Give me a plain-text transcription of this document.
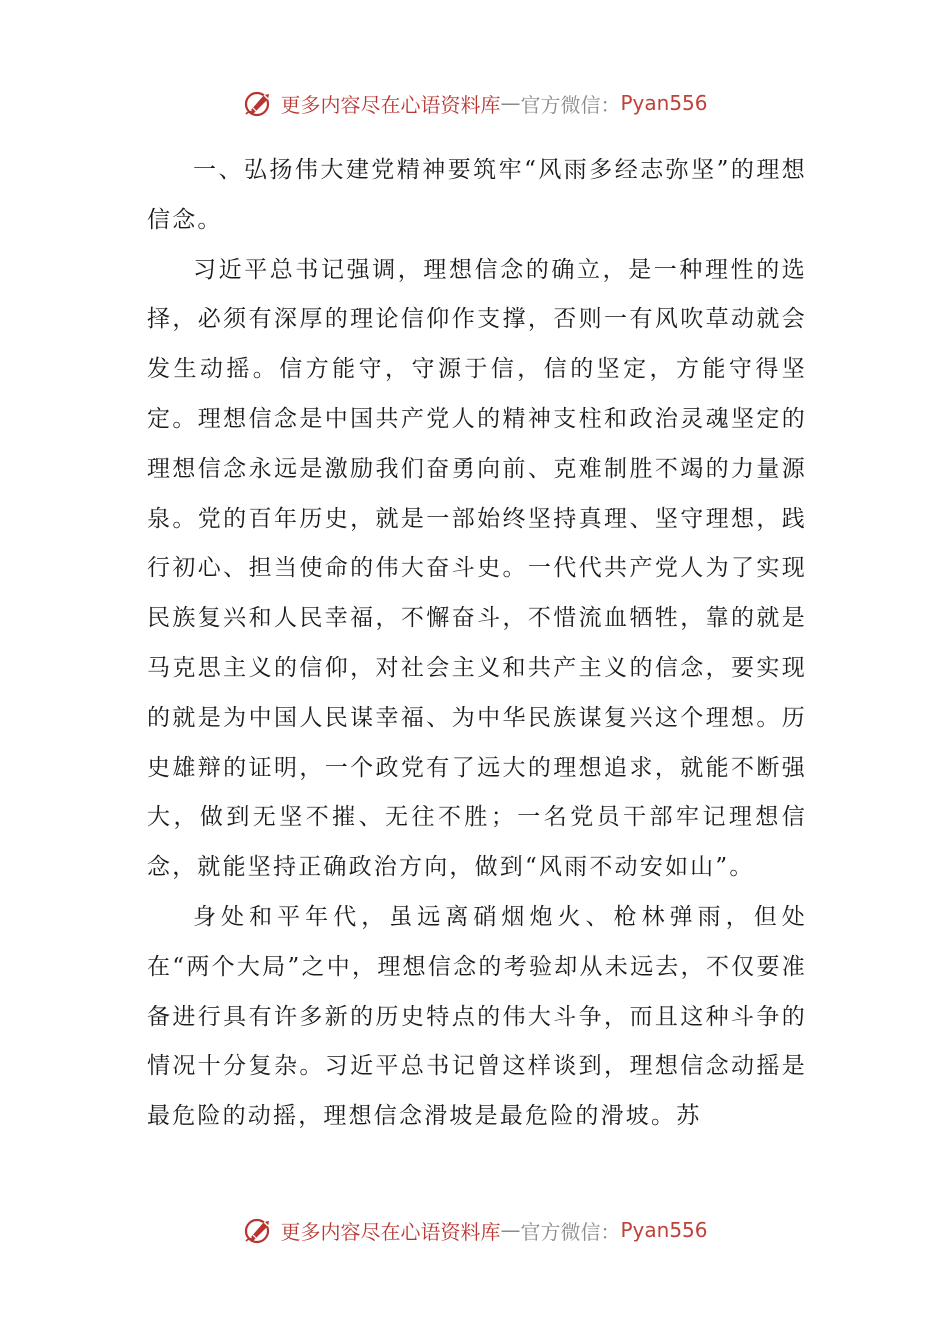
更多内容尽在心语资料库 — 官方微信： Pyan556

一、弘扬伟大建党精神要筑牢“风雨多经志弥坚”的理想信念。

习近平总书记强调，理想信念的确立，是一种理性的选择，必须有深厚的理论信仰作支撑，否则一有风吹草动就会发生动摇。信方能守，守源于信，信的坚定，方能守得坚定。理想信念是中国共产党人的精神支柱和政治灵魂坚定的理想信念永远是激励我们奋勇向前、克难制胜不竭的力量源泉。党的百年历史，就是一部始终坚持真理、坚守理想，践行初心、担当使命的伟大奋斗史。一代代共产党人为了实现民族复兴和人民幸福，不懈奋斗，不惜流血牺牲，靠的就是马克思主义的信仰，对社会主义和共产主义的信念，要实现的就是为中国人民谋幸福、为中华民族谋复兴这个理想。历史雄辩的证明，一个政党有了远大的理想追求，就能不断强大，做到无坚不摧、无往不胜；一名党员干部牢记理想信念，就能坚持正确政治方向，做到“风雨不动安如山”。

身处和平年代，虽远离硝烟炮火、枪林弹雨，但处在“两个大局”之中，理想信念的考验却从未远去，不仅要准备进行具有许多新的历史特点的伟大斗争，而且这种斗争的情况十分复杂。习近平总书记曾这样谈到，理想信念动摇是最危险的动摇，理想信念滑坡是最危险的滑坡。苏

更多内容尽在心语资料库 — 官方微信： Pyan556
